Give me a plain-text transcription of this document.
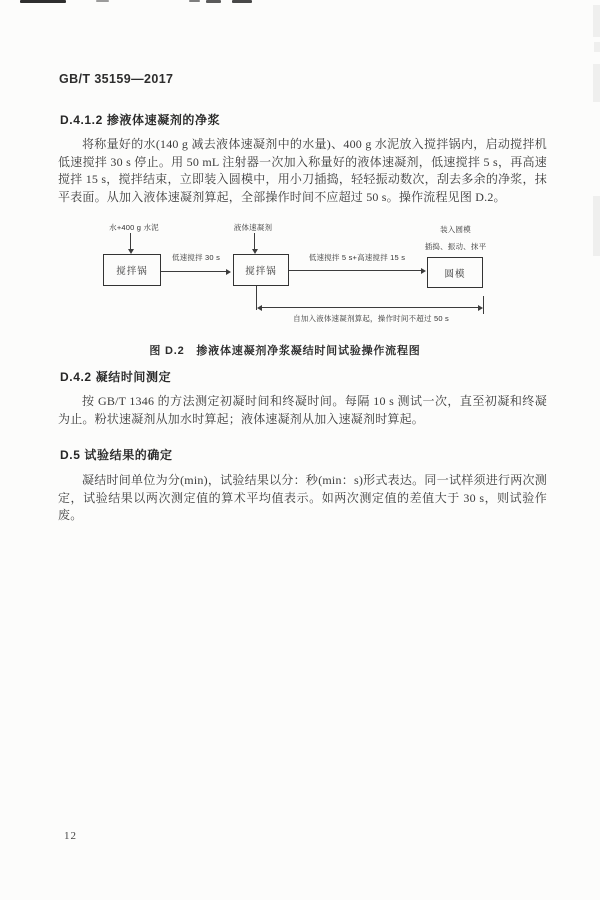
GB/T 35159—2017
D.4.1.2 掺液体速凝剂的净浆
将称量好的水(140 g 减去液体速凝剂中的水量)、400 g 水泥放入搅拌锅内，启动搅拌机低速搅拌 30 s 停止。用 50 mL 注射器一次加入称量好的液体速凝剂，低速搅拌 5 s，再高速搅拌 15 s，搅拌结束，立即装入圆模中，用小刀插捣，轻轻振动数次，刮去多余的净浆，抹平表面。从加入液体速凝剂算起，全部操作时间不应超过 50 s。操作流程见图 D.2。
水+400 g 水泥	液体速凝剂
搅拌锅	搅拌锅	圆模
低速搅拌 30 s	低速搅拌 5 s+高速搅拌 15 s
装入圆模
插捣、振动、抹平
自加入液体速凝剂算起，操作时间不超过 50 s
图 D.2　掺液体速凝剂净浆凝结时间试验操作流程图
D.4.2 凝结时间测定
按 GB/T 1346 的方法测定初凝时间和终凝时间。每隔 10 s 测试一次，直至初凝和终凝为止。粉状速凝剂从加水时算起；液体速凝剂从加入速凝剂时算起。
D.5 试验结果的确定
凝结时间单位为分(min)，试验结果以分：秒(min：s)形式表达。同一试样须进行两次测定，试验结果以两次测定值的算术平均值表示。如两次测定值的差值大于 30 s，则试验作废。
12
